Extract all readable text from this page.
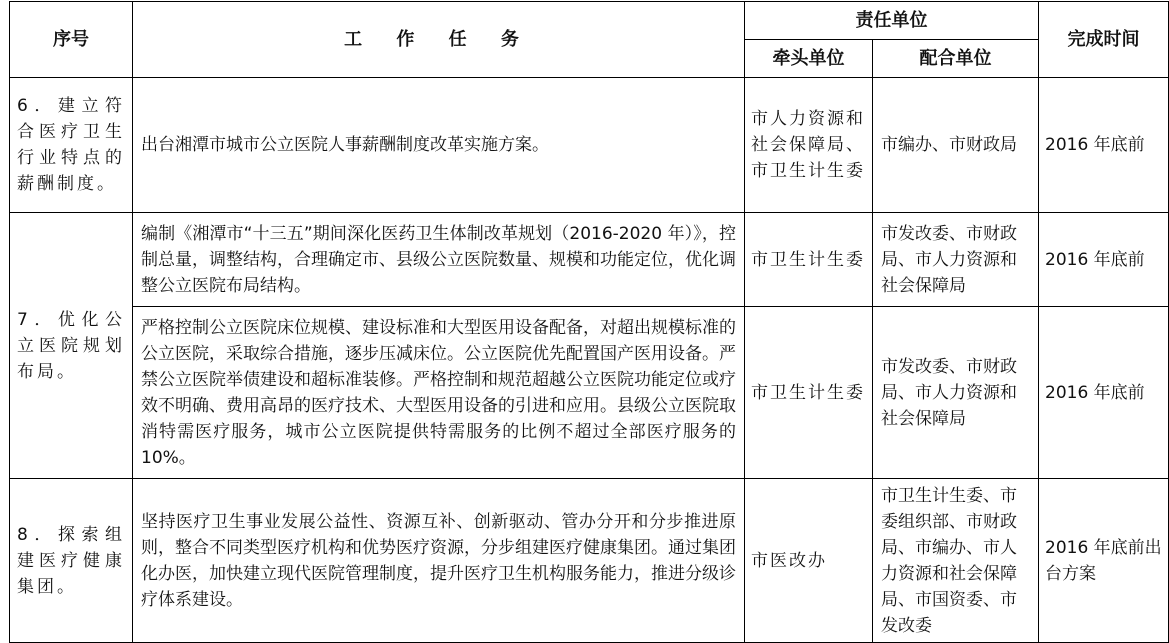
序号	工 作 任 务	责任单位		完成时间
		牵头单位	配合单位	
6．建立符合医疗卫生行业特点的薪酬制度。	出台湘潭市城市公立医院人事薪酬制度改革实施方案。	市人力资源和社会保障局、
市卫生计生委	市编办、市财政局	2016 年底前
7．优化公立医院规划布局。	编制《湘潭市“十三五”期间深化医药卫生体制改革规划（2016-2020 年）》，控制总量，调整结构，合理确定市、县级公立医院数量、规模和功能定位，优化调整公立医院布局结构。	市卫生计生委	市发改委、市财政局、市人力资源和社会保障局	2016 年底前
	严格控制公立医院床位规模、建设标准和大型医用设备配备，对超出规模标准的公立医院，采取综合措施，逐步压减床位。公立医院优先配置国产医用设备。严禁公立医院举债建设和超标准装修。严格控制和规范超越公立医院功能定位或疗效不明确、费用高昂的医疗技术、大型医用设备的引进和应用。县级公立医院取消特需医疗服务，城市公立医院提供特需服务的比例不超过全部医疗服务的 10%。	市卫生计生委	市发改委、市财政局、市人力资源和社会保障局	2016 年底前
8．探索组建医疗健康集团。	坚持医疗卫生事业发展公益性、资源互补、创新驱动、管办分开和分步推进原则，整合不同类型医疗机构和优势医疗资源，分步组建医疗健康集团。通过集团化办医，加快建立现代医院管理制度，提升医疗卫生机构服务能力，推进分级诊疗体系建设。	市医改办	市卫生计生委、市委组织部、市财政局、市编办、市人力资源和社会保障局、市国资委、市发改委	2016 年底前出台方案
